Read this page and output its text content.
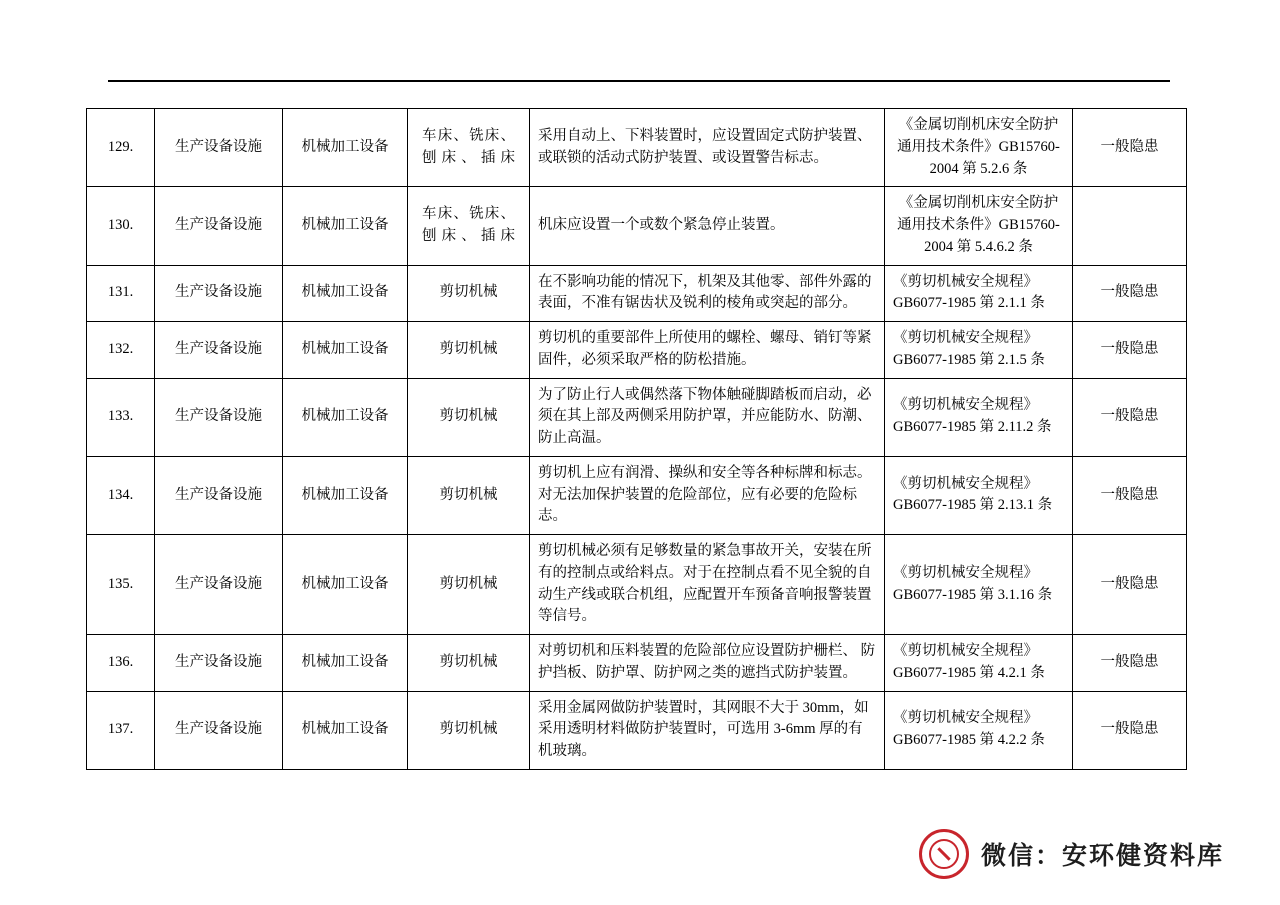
129.	生产设备设施	机械加工设备	车床、铣床、刨床、插床	采用自动上、下料装置时，应设置固定式防护装置、或联锁的活动式防护装置、或设置警告标志。	《金属切削机床安全防护通用技术条件》GB15760-2004 第 5.2.6 条	一般隐患
130.	生产设备设施	机械加工设备	车床、铣床、刨床、插床	机床应设置一个或数个紧急停止装置。	《金属切削机床安全防护通用技术条件》GB15760-2004 第 5.4.6.2 条	
131.	生产设备设施	机械加工设备	剪切机械	在不影响功能的情况下，机架及其他零、部件外露的表面，不准有锯齿状及锐利的棱角或突起的部分。	《剪切机械安全规程》GB6077-1985 第 2.1.1 条	一般隐患
132.	生产设备设施	机械加工设备	剪切机械	剪切机的重要部件上所使用的螺栓、螺母、销钉等紧固件，必须采取严格的防松措施。	《剪切机械安全规程》GB6077-1985 第 2.1.5 条	一般隐患
133.	生产设备设施	机械加工设备	剪切机械	为了防止行人或偶然落下物体触碰脚踏板而启动，必须在其上部及两侧采用防护罩，并应能防水、防潮、防止高温。	《剪切机械安全规程》GB6077-1985 第 2.11.2 条	一般隐患
134.	生产设备设施	机械加工设备	剪切机械	剪切机上应有润滑、操纵和安全等各种标牌和标志。对无法加保护装置的危险部位，应有必要的危险标志。	《剪切机械安全规程》GB6077-1985 第 2.13.1 条	一般隐患
135.	生产设备设施	机械加工设备	剪切机械	剪切机械必须有足够数量的紧急事故开关，安装在所有的控制点或给料点。对于在控制点看不见全貌的自动生产线或联合机组，应配置开车预备音响报警装置等信号。	《剪切机械安全规程》GB6077-1985 第 3.1.16 条	一般隐患
136.	生产设备设施	机械加工设备	剪切机械	对剪切机和压料装置的危险部位应设置防护栅栏、 防护挡板、防护罩、防护网之类的遮挡式防护装置。	《剪切机械安全规程》GB6077-1985 第 4.2.1 条	一般隐患
137.	生产设备设施	机械加工设备	剪切机械	采用金属网做防护装置时，其网眼不大于 30mm，如采用透明材料做防护装置时，可选用 3-6mm 厚的有机玻璃。	《剪切机械安全规程》GB6077-1985 第 4.2.2 条	一般隐患
微信：安环健资料库
